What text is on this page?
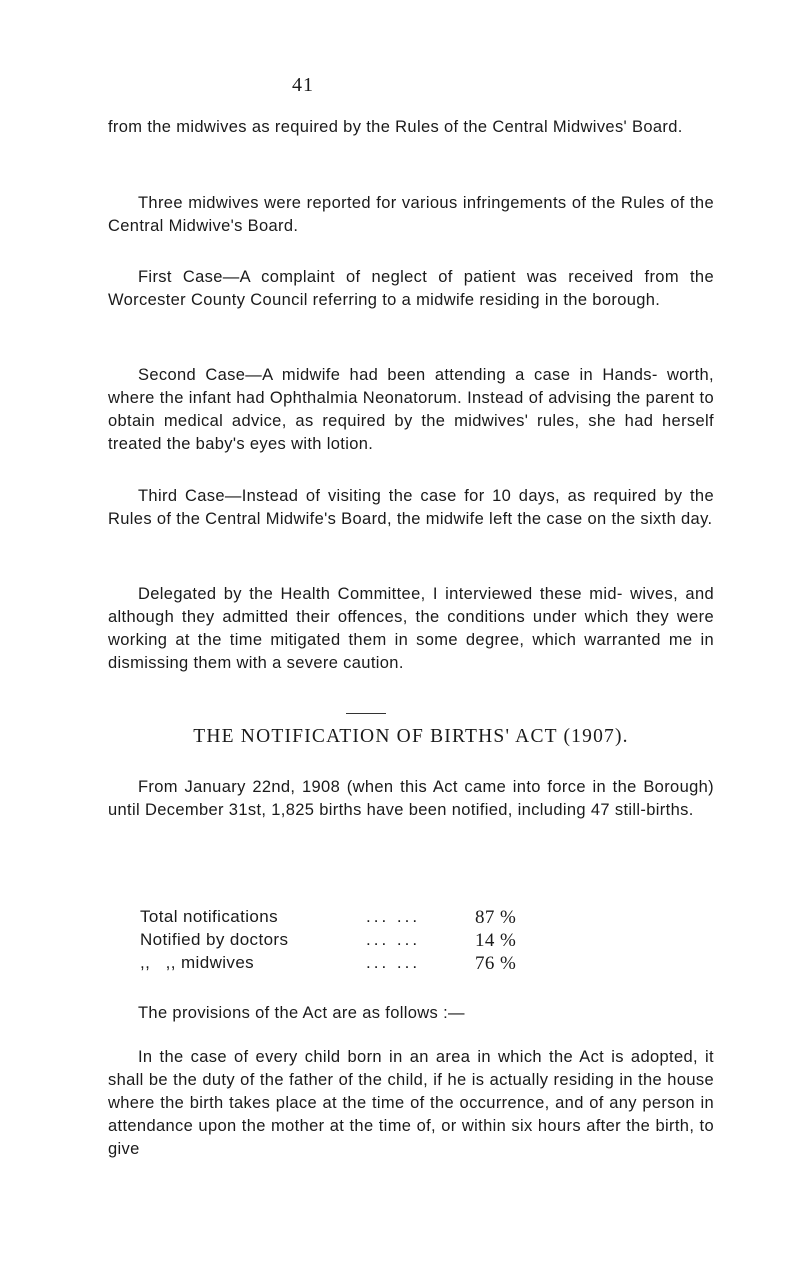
41

from the midwives as required by the Rules of the Central Midwives' Board.

Three midwives were reported for various infringements of the Rules of the Central Midwive's Board.

First Case—A complaint of neglect of patient was received from the Worcester County Council referring to a midwife residing in the borough.

Second Case—A midwife had been attending a case in Hands- worth, where the infant had Ophthalmia Neonatorum. Instead of advising the parent to obtain medical advice, as required by the midwives' rules, she had herself treated the baby's eyes with lotion.

Third Case—Instead of visiting the case for 10 days, as required by the Rules of the Central Midwife's Board, the midwife left the case on the sixth day.

Delegated by the Health Committee, I interviewed these mid- wives, and although they admitted their offences, the conditions under which they were working at the time mitigated them in some degree, which warranted me in dismissing them with a severe caution.

THE NOTIFICATION OF BIRTHS' ACT (1907).

From January 22nd, 1908 (when this Act came into force in the Borough) until December 31st, 1,825 births have been notified, including 47 still-births.

Total notifications	... ...	87 %
Notified by doctors	... ...	14 %
,,   ,, midwives	... ...	76 %

The provisions of the Act are as follows :—

In the case of every child born in an area in which the Act is adopted, it shall be the duty of the father of the child, if he is actually residing in the house where the birth takes place at the time of the occurrence, and of any person in attendance upon the mother at the time of, or within six hours after the birth, to give
